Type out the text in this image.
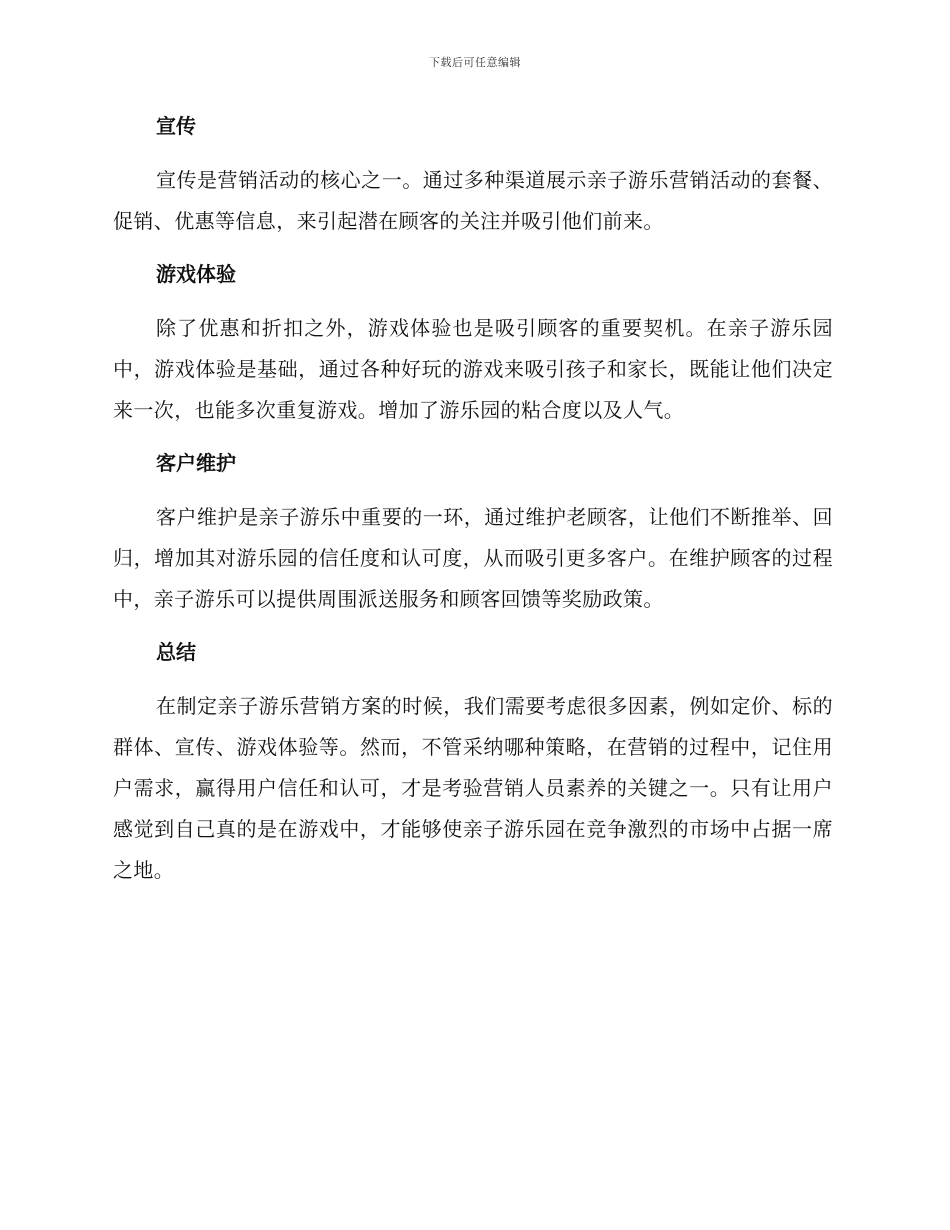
下载后可任意编辑
宣传

宣传是营销活动的核心之一。通过多种渠道展示亲子游乐营销活动的套餐、促销、优惠等信息，来引起潜在顾客的关注并吸引他们前来。

游戏体验

除了优惠和折扣之外，游戏体验也是吸引顾客的重要契机。在亲子游乐园中，游戏体验是基础，通过各种好玩的游戏来吸引孩子和家长，既能让他们决定来一次，也能多次重复游戏。增加了游乐园的粘合度以及人气。

客户维护

客户维护是亲子游乐中重要的一环，通过维护老顾客，让他们不断推举、回归，增加其对游乐园的信任度和认可度，从而吸引更多客户。在维护顾客的过程中，亲子游乐可以提供周围派送服务和顾客回馈等奖励政策。

总结

在制定亲子游乐营销方案的时候，我们需要考虑很多因素，例如定价、标的群体、宣传、游戏体验等。然而，不管采纳哪种策略，在营销的过程中，记住用户需求，赢得用户信任和认可，才是考验营销人员素养的关键之一。只有让用户感觉到自己真的是在游戏中，才能够使亲子游乐园在竞争激烈的市场中占据一席之地。
